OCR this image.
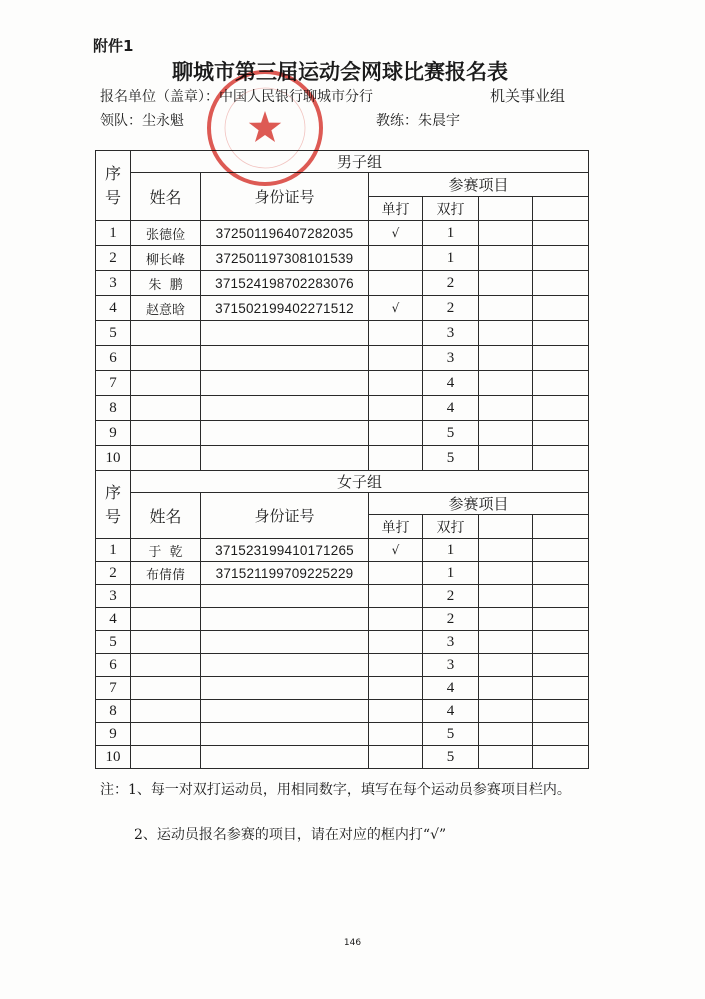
附件1
聊城市第三届运动会网球比赛报名表
报名单位（盖章）：中国人民银行聊城市分行	机关事业组
领队：尘永魁	教练：朱晨宇
序号	男子组					
	姓名	身份证号	参赛项目			
			单打	双打		
1	张德俭	372501196407282035	√	1		
2	柳长峰	372501197308101539		1		
3	朱  鹏	371524198702283076		2		
4	赵意晗	371502199402271512	√	2		
5				3		
6				3		
7				4		
8				4		
9				5		
10				5		
序号	女子组					
	姓名	身份证号	参赛项目			
			单打	双打		
1	于  乾	371523199410171265	√	1		
2	布倩倩	371521199709225229		1		
3				2		
4				2		
5				3		
6				3		
7				4		
8				4		
9				5		
10				5		
注：1、每一对双打运动员，用相同数字，填写在每个运动员参赛项目栏内。
2、运动员报名参赛的项目，请在对应的框内打“√”
146
